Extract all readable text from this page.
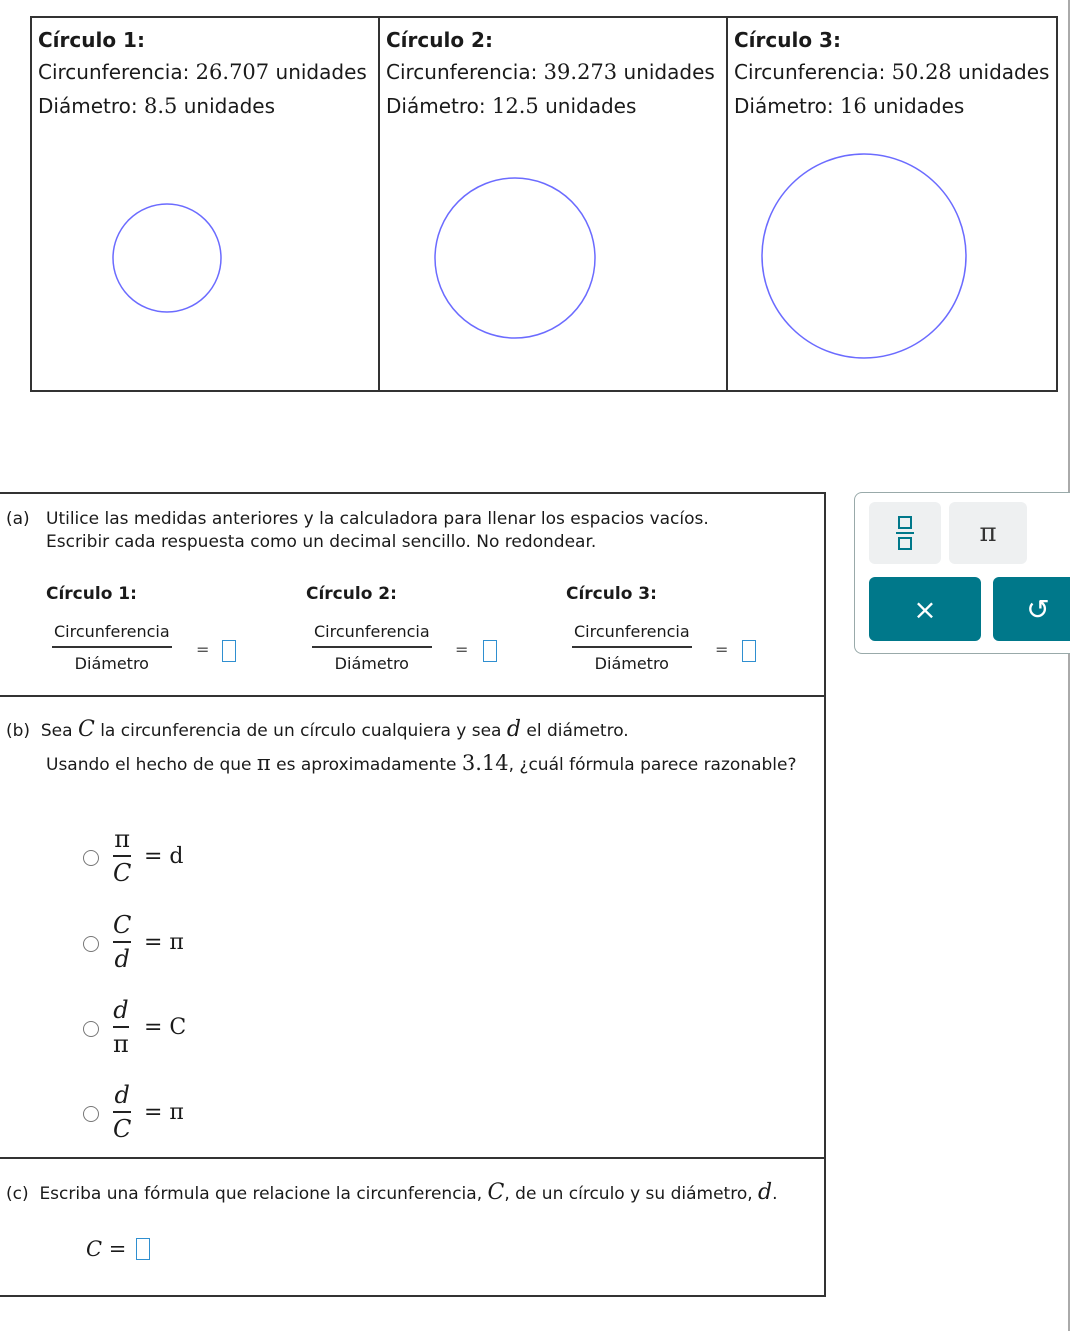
Círculo 1:
Circunferencia: 26.707 unidades
Diámetro: 8.5 unidades
Círculo 2:
Circunferencia: 39.273 unidades
Diámetro: 12.5 unidades
Círculo 3:
Circunferencia: 50.28 unidades
Diámetro: 16 unidades
(a) Utilice las medidas anteriores y la calculadora para llenar los espacios vacíos.
Escribir cada respuesta como un decimal sencillo. No redondear.
Círculo 1:	Círculo 2:	Círculo 3:
Circunferencia
Diámetro
=
Circunferencia
Diámetro
=
Circunferencia
Diámetro
=
(b) Sea C la circunferencia de un círculo cualquiera y sea d el diámetro.
Usando el hecho de que π es aproximadamente 3.14, ¿cuál fórmula parece razonable?
π
C
= d
C
d
= π
d
π
= C
d
C
= π
(c) Escriba una fórmula que relacione la circunferencia, C, de un círculo y su diámetro, d.
C =
π
×	↺
